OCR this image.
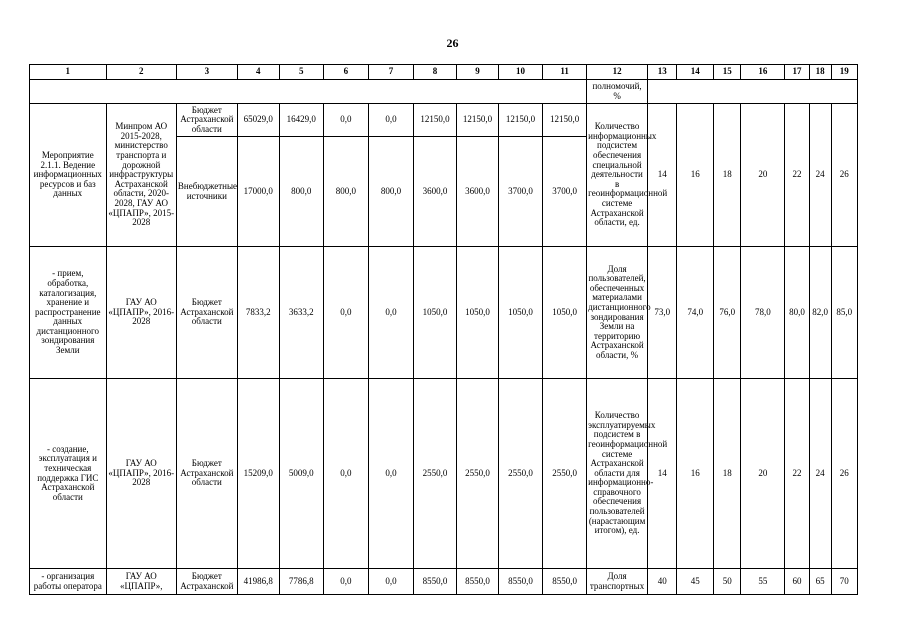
26
1	2	3	4	5	6	7	8	9	10	11	12	13	14	15	16	17	18	19
											полномочий, %							
Мероприятие 2.1.1. Ведение информационных ресурсов и баз данных	Минпром АО 2015-2028, министерство транспорта и дорожной инфраструктуры Астраханской области, 2020-2028, ГАУ АО «ЦПАПР», 2015-2028	Бюджет Астраханской области	65029,0	16429,0	0,0	0,0	12150,0	12150,0	12150,0	12150,0	Количество информационных подсистем обеспечения специальной деятельности в геоинформационной системе Астраханской области, ед.	14	16	18	20	22	24	26
		Внебюджетные источники	17000,0	800,0	800,0	800,0	3600,0	3600,0	3700,0	3700,0								
- прием, обработка, каталогизация, хранение и распространение данных дистанционного зондирования Земли	ГАУ АО «ЦПАПР», 2016-2028	Бюджет Астраханской области	7833,2	3633,2	0,0	0,0	1050,0	1050,0	1050,0	1050,0	Доля пользователей, обеспеченных материалами дистанционного зондирования Земли на территорию Астраханской области, %	73,0	74,0	76,0	78,0	80,0	82,0	85,0
- создание, эксплуатация и техническая поддержка ГИС Астраханской области	ГАУ АО «ЦПАПР», 2016-2028	Бюджет Астраханской области	15209,0	5009,0	0,0	0,0	2550,0	2550,0	2550,0	2550,0	Количество эксплуатируемых подсистем в геоинформационной системе Астраханской области для информационно-справочного обеспечения пользователей (нарастающим итогом), ед.	14	16	18	20	22	24	26
- организация работы оператора	ГАУ АО «ЦПАПР»,	Бюджет Астраханской	41986,8	7786,8	0,0	0,0	8550,0	8550,0	8550,0	8550,0	Доля транспортных	40	45	50	55	60	65	70
